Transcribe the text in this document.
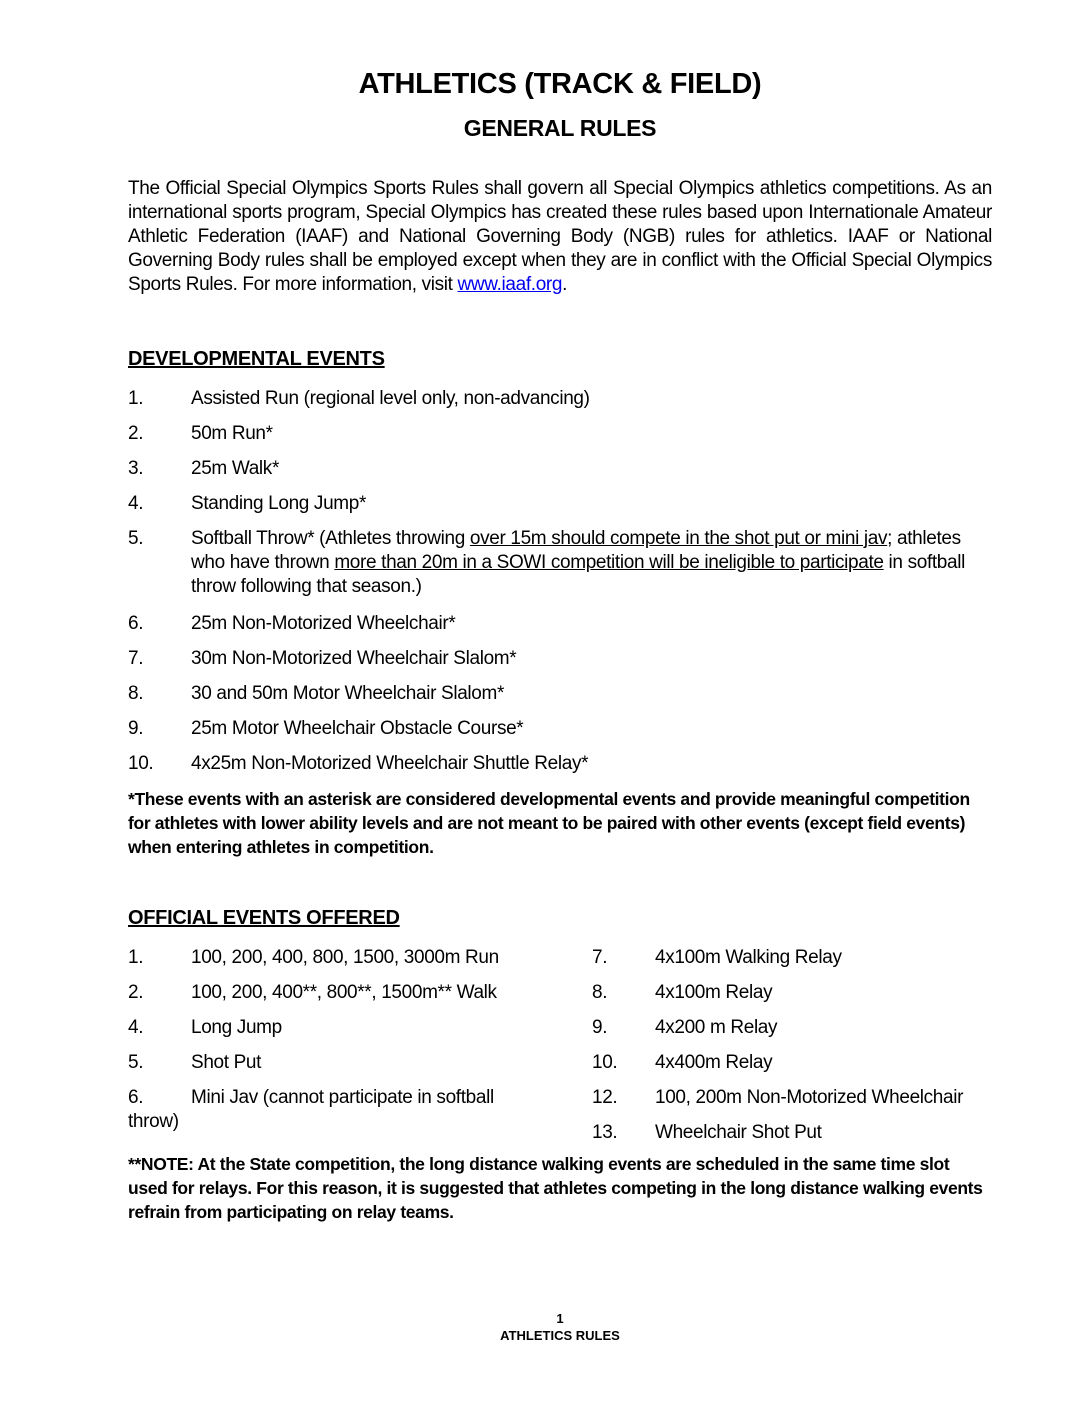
ATHLETICS (TRACK & FIELD)
GENERAL RULES

The Official Special Olympics Sports Rules shall govern all Special Olympics athletics competitions. As an international sports program, Special Olympics has created these rules based upon Internationale Amateur Athletic Federation (IAAF) and National Governing Body (NGB) rules for athletics. IAAF or National Governing Body rules shall be employed except when they are in conflict with the Official Special Olympics Sports Rules. For more information, visit www.iaaf.org.

DEVELOPMENTAL EVENTS
1.	Assisted Run (regional level only, non-advancing)
2.	50m Run*
3.	25m Walk*
4.	Standing Long Jump*
5.	Softball Throw* (Athletes throwing over 15m should compete in the shot put or mini jav; athletes who have thrown more than 20m in a SOWI competition will be ineligible to participate in softball throw following that season.)
6.	25m Non-Motorized Wheelchair*
7.	30m Non-Motorized Wheelchair Slalom*
8.	30 and 50m Motor Wheelchair Slalom*
9.	25m Motor Wheelchair Obstacle Course*
10. 4x25m Non-Motorized Wheelchair Shuttle Relay*

*These events with an asterisk are considered developmental events and provide meaningful competition for athletes with lower ability levels and are not meant to be paired with other events (except field events) when entering athletes in competition.

OFFICIAL EVENTS OFFERED
1.	100, 200, 400, 800, 1500, 3000m Run
2.	100, 200, 400**, 800**, 1500m** Walk
4.	Long Jump
5.	Shot Put
6.	Mini Jav (cannot participate in softball
throw)
7.	4x100m Walking Relay
8.	4x100m Relay
9.	4x200 m Relay
10. 4x400m Relay
12. 100, 200m Non-Motorized Wheelchair
13. Wheelchair Shot Put

**NOTE: At the State competition, the long distance walking events are scheduled in the same time slot used for relays. For this reason, it is suggested that athletes competing in the long distance walking events refrain from participating on relay teams.

1
ATHLETICS RULES
